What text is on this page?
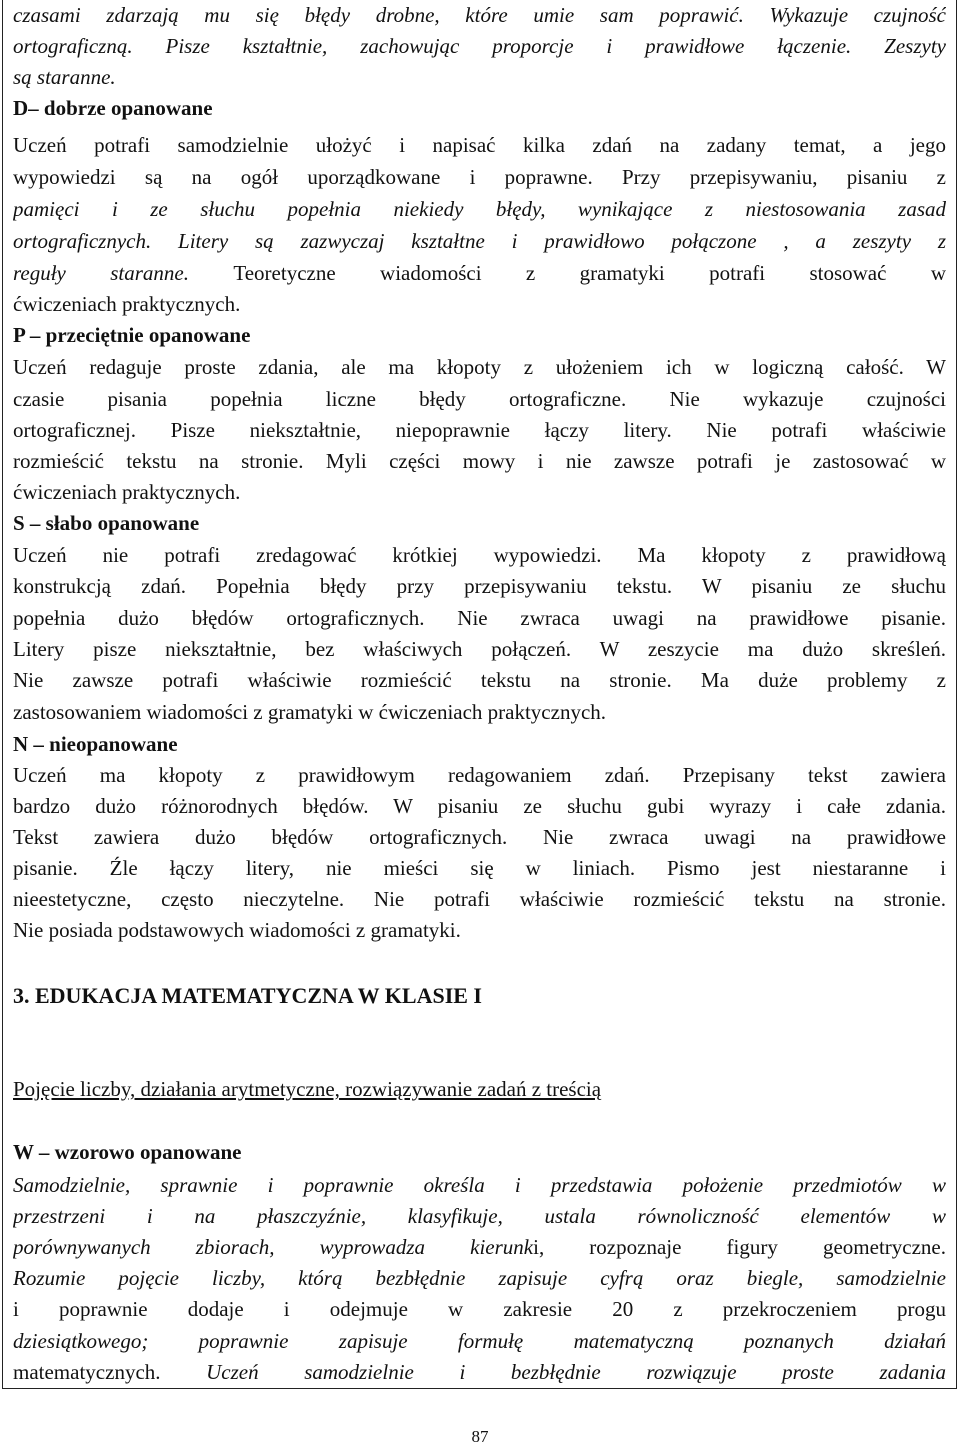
czasami zdarzają mu się błędy drobne, które umie sam poprawić. Wykazuje czujność
ortograficzną. Pisze kształtnie, zachowując proporcje i prawidłowe łączenie. Zeszyty
są staranne.
D– dobrze opanowane
Uczeń potrafi samodzielnie ułożyć i napisać kilka zdań na zadany temat, a jego
wypowiedzi są na ogół uporządkowane i poprawne. Przy przepisywaniu, pisaniu z
pamięci i ze słuchu popełnia niekiedy błędy, wynikające z niestosowania zasad
ortograficznych. Litery są zazwyczaj kształtne i prawidłowo połączone , a zeszyty z
reguły staranne. Teoretyczne wiadomości z gramatyki potrafi stosować w
ćwiczeniach praktycznych.
P – przeciętnie opanowane
Uczeń redaguje proste zdania, ale ma kłopoty z ułożeniem ich w logiczną całość. W
czasie pisania popełnia liczne błędy ortograficzne. Nie wykazuje czujności
ortograficznej. Pisze niekształtnie, niepoprawnie łączy litery. Nie potrafi właściwie
rozmieścić tekstu na stronie. Myli części mowy i nie zawsze potrafi je zastosować w
ćwiczeniach praktycznych.
S – słabo opanowane
Uczeń nie potrafi zredagować krótkiej wypowiedzi. Ma kłopoty z prawidłową
konstrukcją zdań. Popełnia błędy przy przepisywaniu tekstu. W pisaniu ze słuchu
popełnia dużo błędów ortograficznych. Nie zwraca uwagi na prawidłowe pisanie.
Litery pisze niekształtnie, bez właściwych połączeń. W zeszycie ma dużo skreśleń.
Nie zawsze potrafi właściwie rozmieścić tekstu na stronie. Ma duże problemy z
zastosowaniem wiadomości z gramatyki w ćwiczeniach praktycznych.
N – nieopanowane
Uczeń ma kłopoty z prawidłowym redagowaniem zdań. Przepisany tekst zawiera
bardzo dużo różnorodnych błędów. W pisaniu ze słuchu gubi wyrazy i całe zdania.
Tekst zawiera dużo błędów ortograficznych. Nie zwraca uwagi na prawidłowe
pisanie. Źle łączy litery, nie mieści się w liniach. Pismo jest niestaranne i
nieestetyczne, często nieczytelne. Nie potrafi właściwie rozmieścić tekstu na stronie.
Nie posiada podstawowych wiadomości z gramatyki.
3. EDUKACJA MATEMATYCZNA W KLASIE I
Pojęcie liczby, działania arytmetyczne, rozwiązywanie zadań z treścią
W – wzorowo opanowane
Samodzielnie, sprawnie i poprawnie określa i przedstawia położenie przedmiotów w
przestrzeni i na płaszczyźnie, klasyfikuje, ustala równoliczność elementów w
porównywanych zbiorach, wyprowadza kierunki, rozpoznaje figury geometryczne.
Rozumie pojęcie liczby, którą bezbłędnie zapisuje cyfrą oraz biegle, samodzielnie
i poprawnie dodaje i odejmuje w zakresie 20 z przekroczeniem progu
dziesiątkowego; poprawnie zapisuje formułę matematyczną poznanych działań
matematycznych. Uczeń samodzielnie i bezbłędnie rozwiązuje proste zadania
87
